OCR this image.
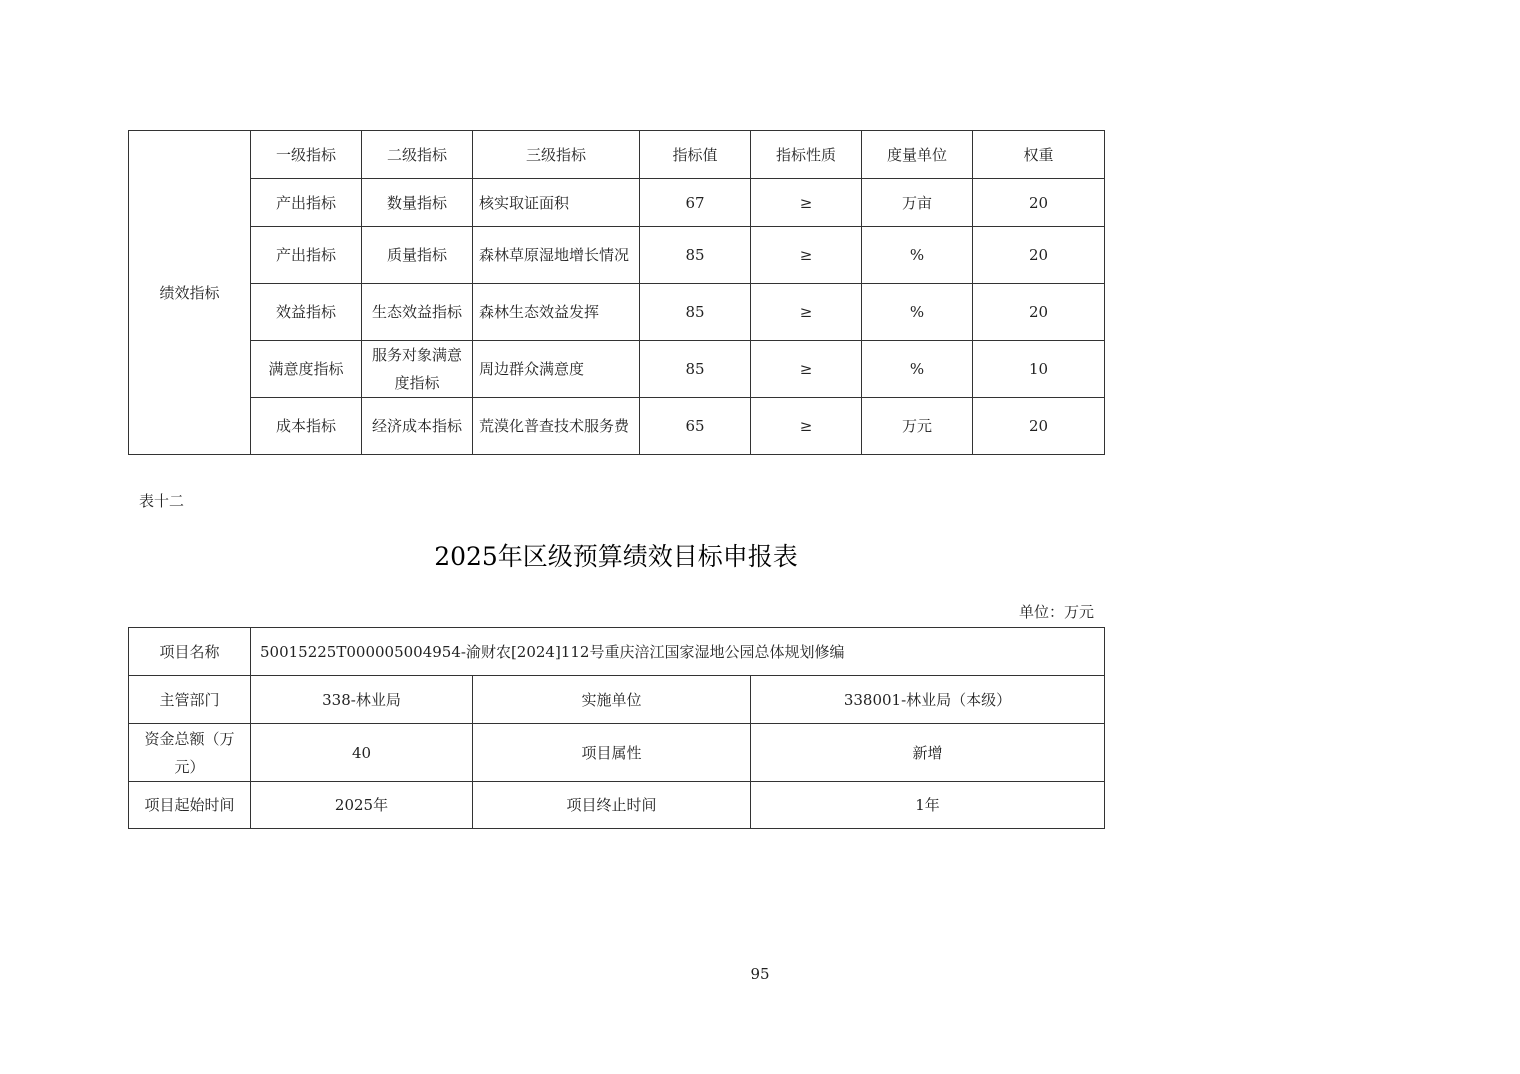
绩效指标	一级指标	二级指标	三级指标	指标值	指标性质	度量单位	权重
	产出指标	数量指标	核实取证面积	67	≥	万亩	20
	产出指标	质量指标	森林草原湿地增长情况	85	≥	%	20
	效益指标	生态效益指标	森林生态效益发挥	85	≥	%	20
	满意度指标	服务对象满意度指标	周边群众满意度	85	≥	%	10
	成本指标	经济成本指标	荒漠化普查技术服务费	65	≥	万元	20
表十二
2025年区级预算绩效目标申报表
单位：万元
项目名称	50015225T000005004954-渝财农[2024]112号重庆涪江国家湿地公园总体规划修编		
主管部门	338-林业局	实施单位	338001-林业局（本级）
资金总额（万元）	40	项目属性	新增
项目起始时间	2025年	项目终止时间	1年
95
